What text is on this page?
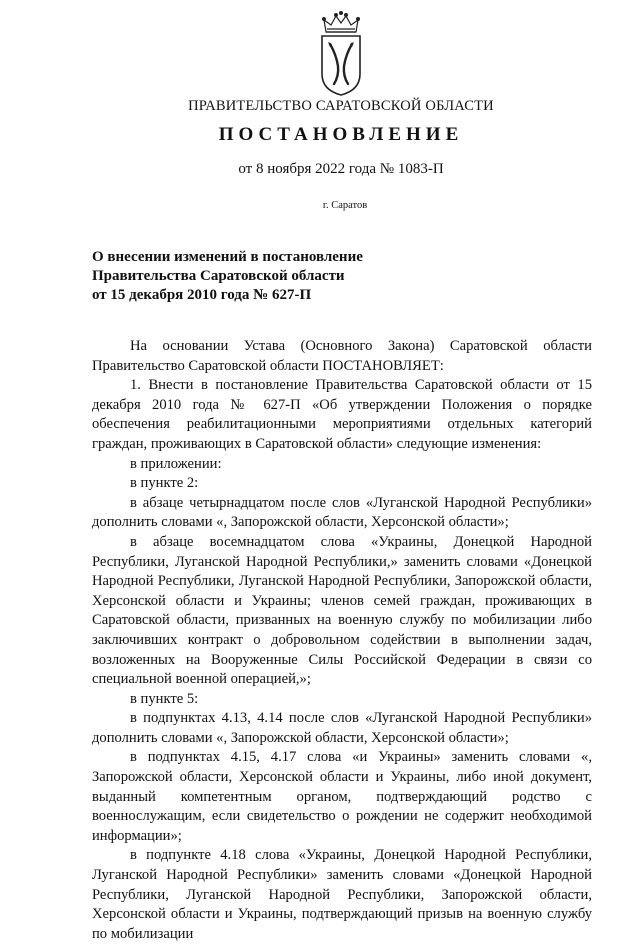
ПРАВИТЕЛЬСТВО САРАТОВСКОЙ ОБЛАСТИ
ПОСТАНОВЛЕНИЕ
от 8 ноября 2022 года № 1083-П
г. Саратов
О внесении изменений в постановление
Правительства Саратовской области
от 15 декабря 2010 года № 627-П

На основании Устава (Основного Закона) Саратовской области Правительство Саратовской области ПОСТАНОВЛЯЕТ:

1. Внести в постановление Правительства Саратовской области от 15 декабря 2010 года № 627-П «Об утверждении Положения о порядке обеспечения реабилитационными мероприятиями отдельных категорий граждан, проживающих в Саратовской области» следующие изменения:

в приложении:

в пункте 2:

в абзаце четырнадцатом после слов «Луганской Народной Республики» дополнить словами «, Запорожской области, Херсонской области»;

в абзаце восемнадцатом слова «Украины, Донецкой Народной Республики, Луганской Народной Республики,» заменить словами «Донецкой Народной Республики, Луганской Народной Республики, Запорожской области, Херсонской области и Украины; членов семей граждан, проживающих в Саратовской области, призванных на военную службу по мобилизации либо заключивших контракт о добровольном содействии в выполнении задач, возложенных на Вооруженные Силы Российской Федерации в связи со специальной военной операцией,»;

в пункте 5:

в подпунктах 4.13, 4.14 после слов «Луганской Народной Республики» дополнить словами «, Запорожской области, Херсонской области»;

в подпунктах 4.15, 4.17 слова «и Украины» заменить словами «, Запорожской области, Херсонской области и Украины, либо иной документ, выданный компетентным органом, подтверждающий родство с военнослужащим, если свидетельство о рождении не содержит необходимой информации»;

в подпункте 4.18 слова «Украины, Донецкой Народной Республики, Луганской Народной Республики» заменить словами «Донецкой Народной Республики, Луганской Народной Республики, Запорожской области, Херсонской области и Украины, подтверждающий призыв на военную службу по мобилизации
